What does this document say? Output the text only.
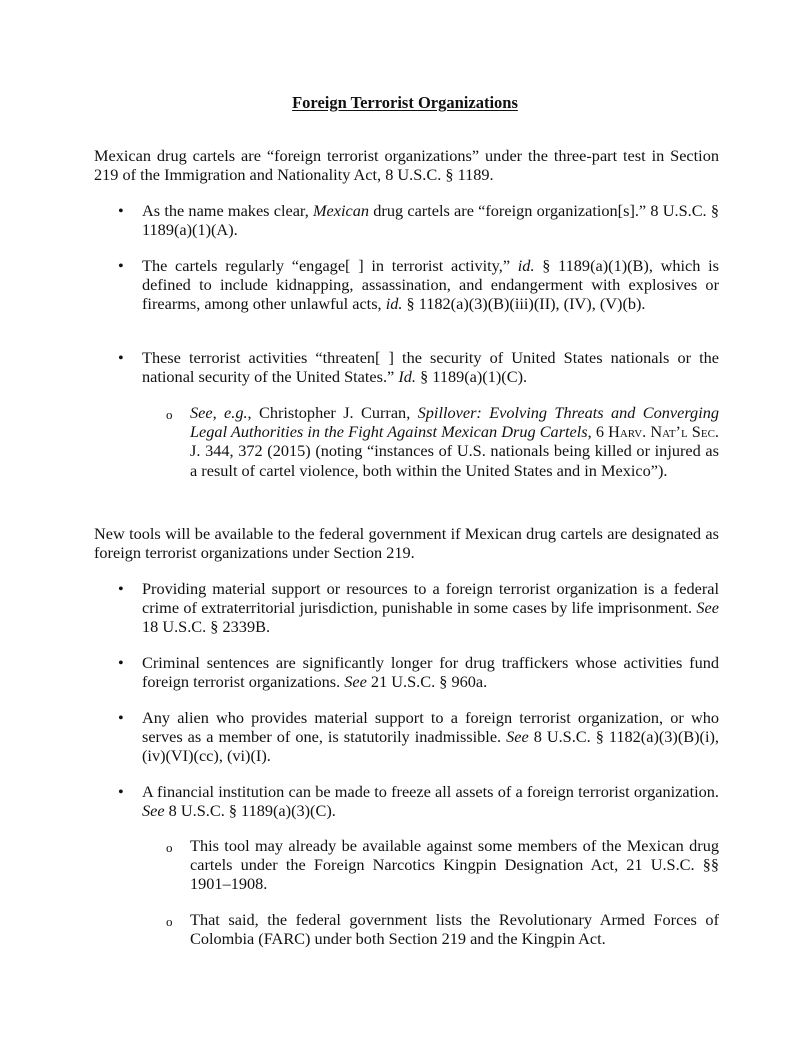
Foreign Terrorist Organizations
Mexican drug cartels are “foreign terrorist organizations” under the three-part test in Section 219 of the Immigration and Nationality Act, 8 U.S.C. § 1189.
• As the name makes clear, Mexican drug cartels are “foreign organization[s].” 8 U.S.C. § 1189(a)(1)(A).
• The cartels regularly “engage[ ] in terrorist activity,” id. § 1189(a)(1)(B), which is defined to include kidnapping, assassination, and endangerment with explosives or firearms, among other unlawful acts, id. § 1182(a)(3)(B)(iii)(II), (IV), (V)(b).
• These terrorist activities “threaten[ ] the security of United States nationals or the national security of the United States.” Id. § 1189(a)(1)(C).
o See, e.g., Christopher J. Curran, Spillover: Evolving Threats and Converging Legal Authorities in the Fight Against Mexican Drug Cartels, 6 Harv. Nat’l Sec. J. 344, 372 (2015) (noting “instances of U.S. nationals being killed or injured as a result of cartel violence, both within the United States and in Mexico”).
New tools will be available to the federal government if Mexican drug cartels are designated as foreign terrorist organizations under Section 219.
• Providing material support or resources to a foreign terrorist organization is a federal crime of extraterritorial jurisdiction, punishable in some cases by life imprisonment. See 18 U.S.C. § 2339B.
• Criminal sentences are significantly longer for drug traffickers whose activities fund foreign terrorist organizations. See 21 U.S.C. § 960a.
• Any alien who provides material support to a foreign terrorist organization, or who serves as a member of one, is statutorily inadmissible. See 8 U.S.C. § 1182(a)(3)(B)(i), (iv)(VI)(cc), (vi)(I).
• A financial institution can be made to freeze all assets of a foreign terrorist organization. See 8 U.S.C. § 1189(a)(3)(C).
o This tool may already be available against some members of the Mexican drug cartels under the Foreign Narcotics Kingpin Designation Act, 21 U.S.C. §§ 1901–1908.
o That said, the federal government lists the Revolutionary Armed Forces of Colombia (FARC) under both Section 219 and the Kingpin Act.
